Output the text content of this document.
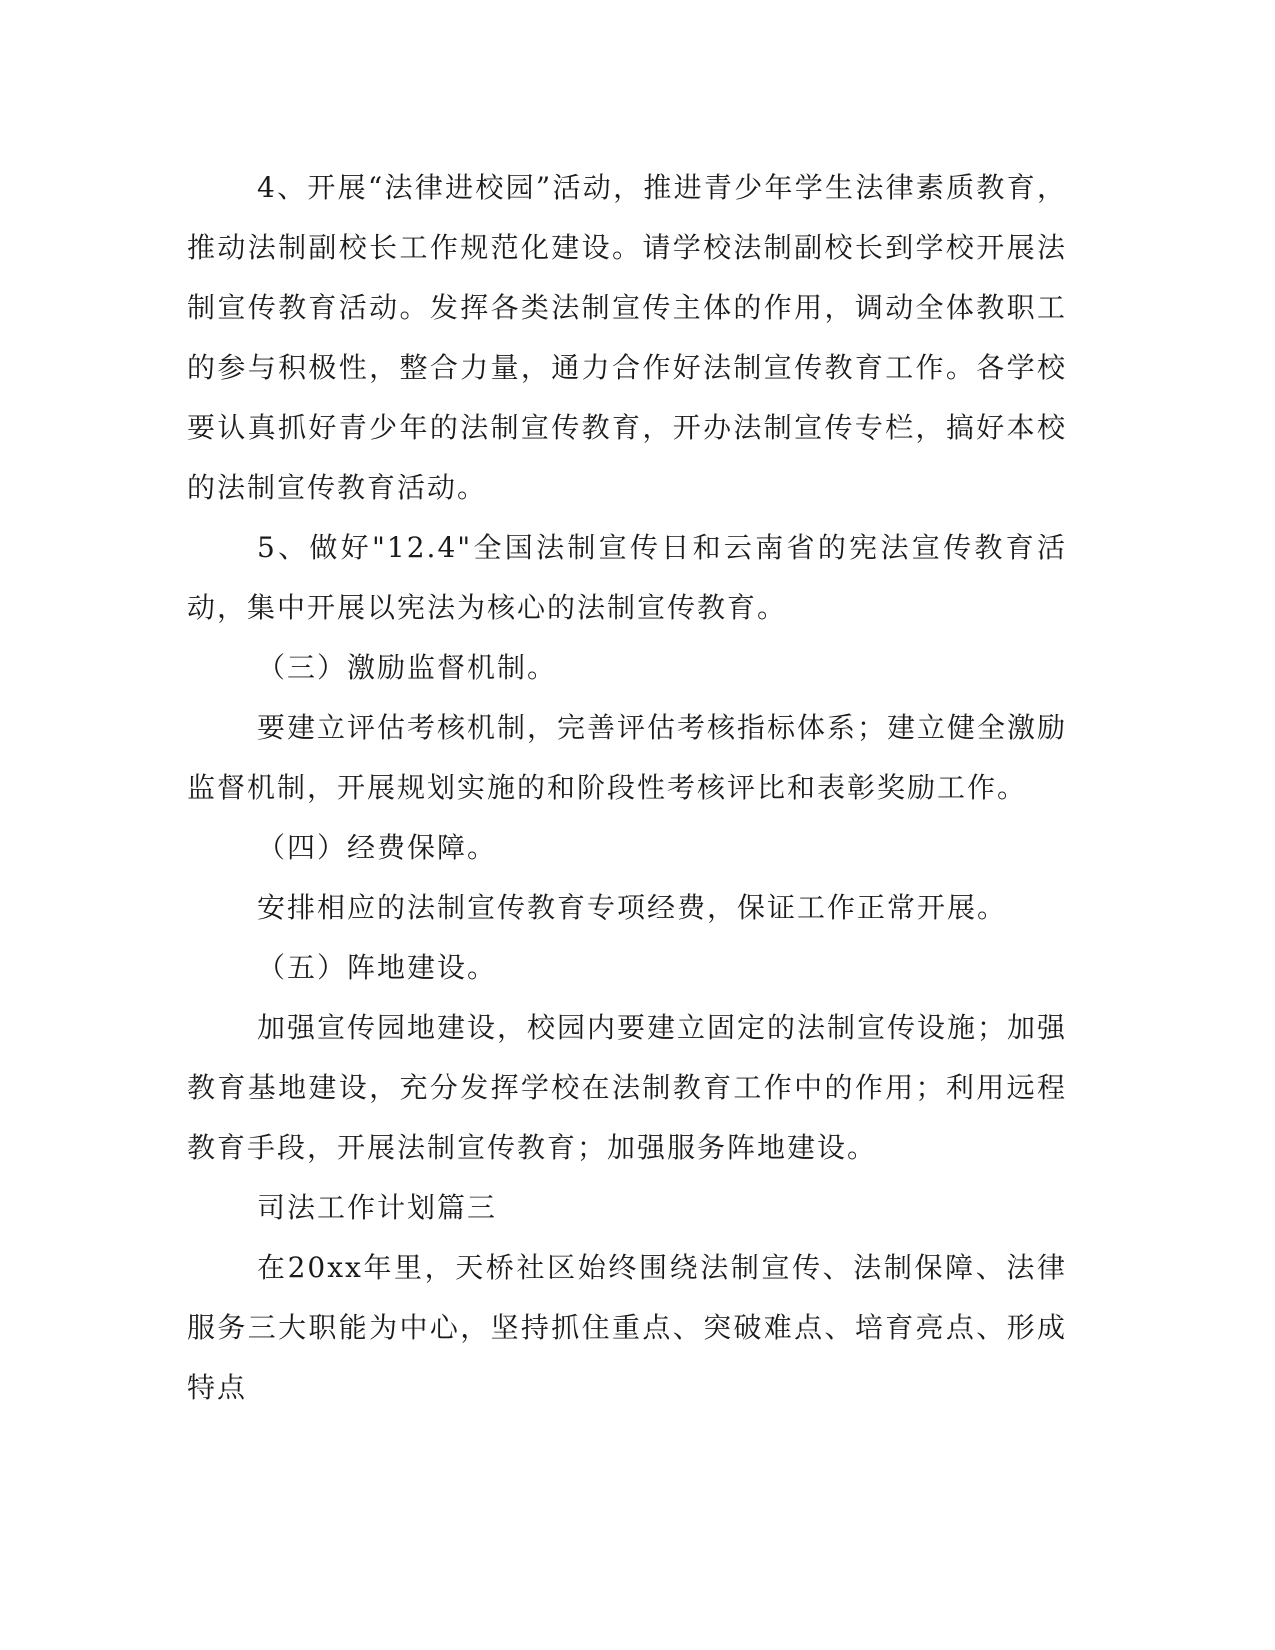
4、开展“法律进校园”活动，推进青少年学生法律素质教育，推动法制副校长工作规范化建设。请学校法制副校长到学校开展法制宣传教育活动。发挥各类法制宣传主体的作用，调动全体教职工的参与积极性，整合力量，通力合作好法制宣传教育工作。各学校要认真抓好青少年的法制宣传教育，开办法制宣传专栏，搞好本校的法制宣传教育活动。

5、做好"12.4"全国法制宣传日和云南省的宪法宣传教育活动，集中开展以宪法为核心的法制宣传教育。

（三）激励监督机制。

要建立评估考核机制，完善评估考核指标体系；建立健全激励监督机制，开展规划实施的和阶段性考核评比和表彰奖励工作。

（四）经费保障。

安排相应的法制宣传教育专项经费，保证工作正常开展。

（五）阵地建设。

加强宣传园地建设，校园内要建立固定的法制宣传设施；加强教育基地建设，充分发挥学校在法制教育工作中的作用；利用远程教育手段，开展法制宣传教育；加强服务阵地建设。

司法工作计划篇三

在20xx年里，天桥社区始终围绕法制宣传、法制保障、法律服务三大职能为中心，坚持抓住重点、突破难点、培育亮点、形成特点
